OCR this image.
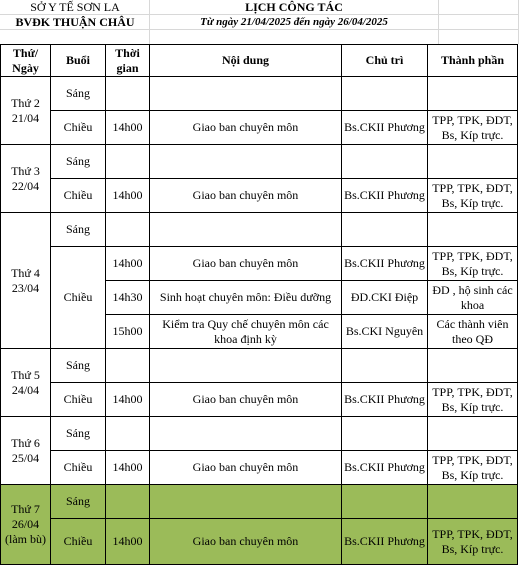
SỞ Y TẾ SƠN LA
BVĐK THUẬN CHÂU
LỊCH CÔNG TÁC
Từ ngày 21/04/2025 đến ngày 26/04/2025
Thứ/ Ngày	Buổi	Thời gian	Nội dung	Chủ trì	Thành phần
Thứ 2
21/04	Sáng				
	Chiều	14h00	Giao ban chuyên môn	Bs.CKII Phương	TPP, TPK, ĐDT, Bs, Kíp trực.

Thứ 3
22/04	Sáng				
	Chiều	14h00	Giao ban chuyên môn	Bs.CKII Phương	TPP, TPK, ĐDT, Bs, Kíp trực.

Thứ 4
23/04	Sáng				
	Chiều	14h00	Giao ban chuyên môn	Bs.CKII Phương	TPP, TPK, ĐDT, Bs, Kíp trực.

		14h30	Sinh hoạt chuyên môn: Điều dưỡng	ĐD.CKI Điệp	ĐD , hộ sinh các khoa
		15h00	Kiểm tra Quy chế chuyên môn các khoa định kỳ	Bs.CKI Nguyên	Các thành viên theo QĐ
Thứ 5
24/04	Sáng				
	Chiều	14h00	Giao ban chuyên môn	Bs.CKII Phương	TPP, TPK, ĐDT, Bs, Kíp trực.

Thứ 6
25/04	Sáng				
	Chiều	14h00	Giao ban chuyên môn	Bs.CKII Phương	TPP, TPK, ĐDT, Bs, Kíp trực.

Thứ 7
26/04
(làm bù)	Sáng				
	Chiều	14h00	Giao ban chuyên môn	Bs.CKII Phương	TPP, TPK, ĐDT, Bs, Kíp trực.
